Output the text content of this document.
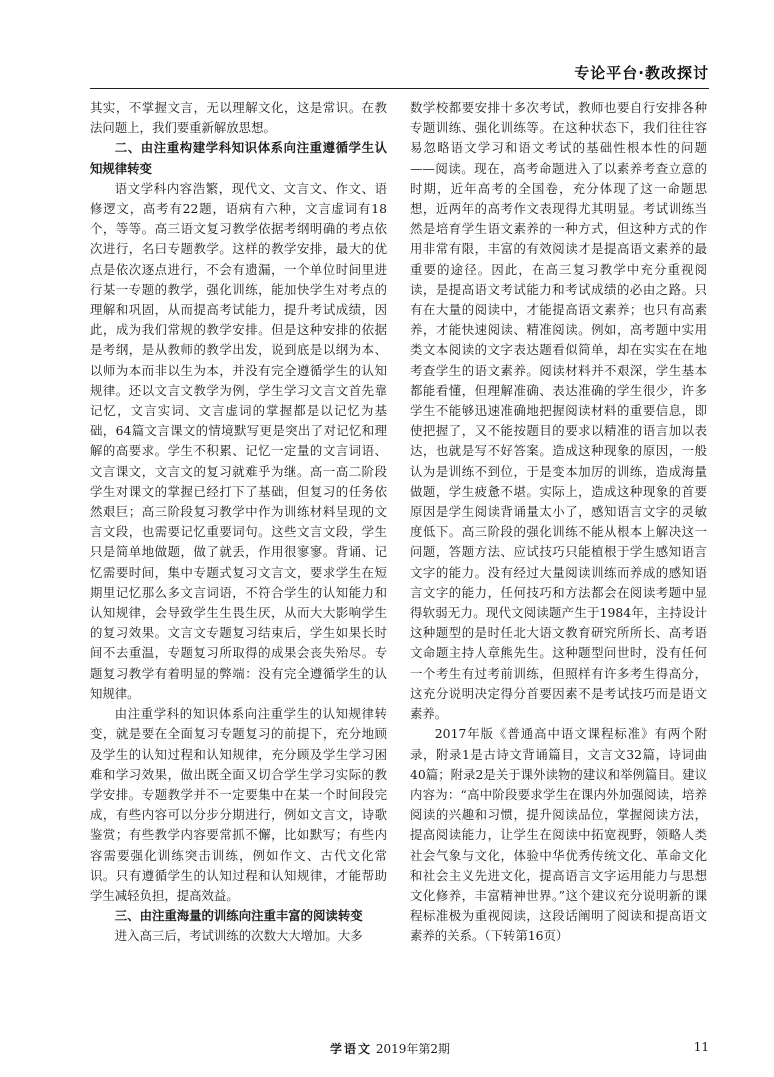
专论平台·教改探讨

其实，不掌握文言，无以理解文化，这是常识。在教法问题上，我们要重新解放思想。

二、由注重构建学科知识体系向注重遵循学生认知规律转变

语文学科内容浩繁，现代文、文言文、作文、语修逻文，高考有22题，语病有六种，文言虚词有18个，等等。高三语文复习教学依据考纲明确的考点依次进行，名曰专题教学。这样的教学安排，最大的优点是依次逐点进行，不会有遗漏，一个单位时间里进行某一专题的教学，强化训练，能加快学生对考点的理解和巩固，从而提高考试能力，提升考试成绩，因此，成为我们常规的教学安排。但是这种安排的依据是考纲，是从教师的教学出发，说到底是以纲为本、以师为本而非以生为本，并没有完全遵循学生的认知规律。还以文言文教学为例，学生学习文言文首先靠记忆，文言实词、文言虚词的掌握都是以记忆为基础，64篇文言课文的情境默写更是突出了对记忆和理解的高要求。学生不积累、记忆一定量的文言词语、文言课文，文言文的复习就难乎为继。高一高二阶段学生对课文的掌握已经打下了基础，但复习的任务依然艰巨；高三阶段复习教学中作为训练材料呈现的文言文段，也需要记忆重要词句。这些文言文段，学生只是简单地做题，做了就丢，作用很寥寥。背诵、记忆需要时间，集中专题式复习文言文，要求学生在短期里记忆那么多文言词语，不符合学生的认知能力和认知规律，会导致学生生畏生厌，从而大大影响学生的复习效果。文言文专题复习结束后，学生如果长时间不去重温，专题复习所取得的成果会丧失殆尽。专题复习教学有着明显的弊端：没有完全遵循学生的认知规律。

由注重学科的知识体系向注重学生的认知规律转变，就是要在全面复习专题复习的前提下，充分地顾及学生的认知过程和认知规律，充分顾及学生学习困难和学习效果，做出既全面又切合学生学习实际的教学安排。专题教学并不一定要集中在某一个时间段完成，有些内容可以分步分期进行，例如文言文，诗歌鉴赏；有些教学内容要常抓不懈，比如默写；有些内容需要强化训练突击训练，例如作文、古代文化常识。只有遵循学生的认知过程和认知规律，才能帮助学生减轻负担，提高效益。

三、由注重海量的训练向注重丰富的阅读转变

进入高三后，考试训练的次数大大增加。大多

数学校都要安排十多次考试，教师也要自行安排各种专题训练、强化训练等。在这种状态下，我们往往容易忽略语文学习和语文考试的基础性根本性的问题——阅读。现在，高考命题进入了以素养考查立意的时期，近年高考的全国卷，充分体现了这一命题思想，近两年的高考作文表现得尤其明显。考试训练当然是培育学生语文素养的一种方式，但这种方式的作用非常有限，丰富的有效阅读才是提高语文素养的最重要的途径。因此，在高三复习教学中充分重视阅读，是提高语文考试能力和考试成绩的必由之路。只有在大量的阅读中，才能提高语文素养；也只有高素养，才能快速阅读、精准阅读。例如，高考题中实用类文本阅读的文字表达题看似简单，却在实实在在地考查学生的语文素养。阅读材料并不艰深，学生基本都能看懂，但理解准确、表达准确的学生很少，许多学生不能够迅速准确地把握阅读材料的重要信息，即使把握了，又不能按题目的要求以精准的语言加以表达，也就是写不好答案。造成这种现象的原因，一般认为是训练不到位，于是变本加厉的训练，造成海量做题，学生疲惫不堪。实际上，造成这种现象的首要原因是学生阅读背诵量太小了，感知语言文字的灵敏度低下。高三阶段的强化训练不能从根本上解决这一问题，答题方法、应试技巧只能植根于学生感知语言文字的能力。没有经过大量阅读训练而养成的感知语言文字的能力，任何技巧和方法都会在阅读考题中显得软弱无力。现代文阅读题产生于1984年，主持设计这种题型的是时任北大语文教育研究所所长、高考语文命题主持人章熊先生。这种题型问世时，没有任何一个考生有过考前训练，但照样有许多考生得高分，这充分说明决定得分首要因素不是考试技巧而是语文素养。

2017年版《普通高中语文课程标准》有两个附录，附录1是古诗文背诵篇目，文言文32篇，诗词曲40篇；附录2是关于课外读物的建议和举例篇目。建议内容为：“高中阶段要求学生在课内外加强阅读，培养阅读的兴趣和习惯，提升阅读品位，掌握阅读方法，提高阅读能力，让学生在阅读中拓宽视野，领略人类社会气象与文化，体验中华优秀传统文化、革命文化和社会主义先进文化，提高语言文字运用能力与思想文化修养，丰富精神世界。”这个建议充分说明新的课程标准极为重视阅读，这段话阐明了阅读和提高语文素养的关系。（下转第16页）

学语文 2019年第2期	11
